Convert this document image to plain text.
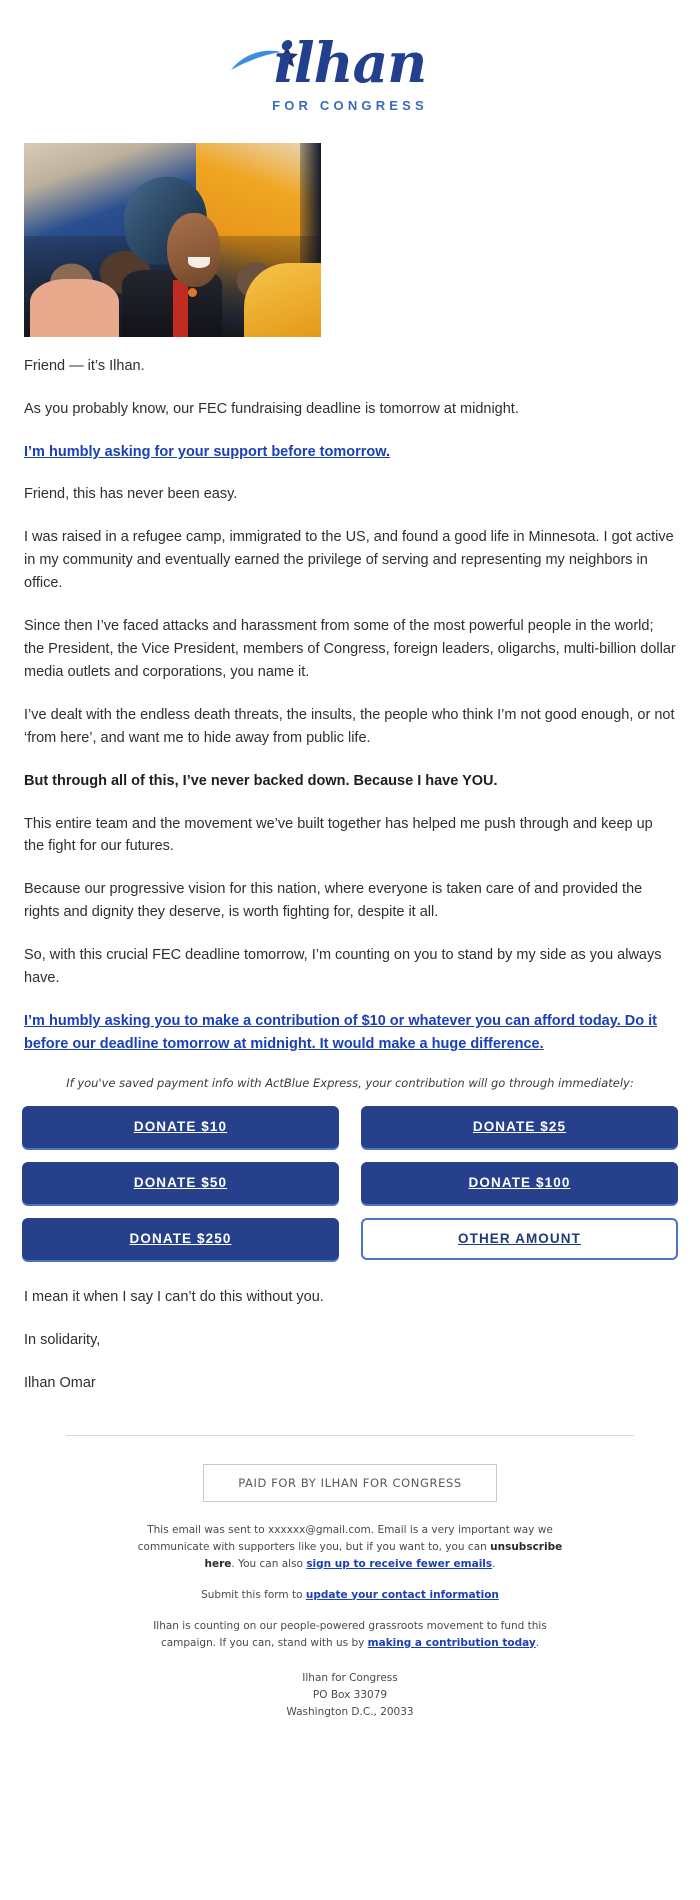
ilhan
FOR CONGRESS

Friend — it’s Ilhan.

As you probably know, our FEC fundraising deadline is tomorrow at midnight.

I’m humbly asking for your support before tomorrow.

Friend, this has never been easy.

I was raised in a refugee camp, immigrated to the US, and found a good life in Minnesota. I got active in my community and eventually earned the privilege of serving and representing my neighbors in office.

Since then I’ve faced attacks and harassment from some of the most powerful people in the world; the President, the Vice President, members of Congress, foreign leaders, oligarchs, multi-billion dollar media outlets and corporations, you name it.

I’ve dealt with the endless death threats, the insults, the people who think I’m not good enough, or not ‘from here’, and want me to hide away from public life.

But through all of this, I’ve never backed down. Because I have YOU.

This entire team and the movement we’ve built together has helped me push through and keep up the fight for our futures.

Because our progressive vision for this nation, where everyone is taken care of and provided the rights and dignity they deserve, is worth fighting for, despite it all.

So, with this crucial FEC deadline tomorrow, I’m counting on you to stand by my side as you always have.

I’m humbly asking you to make a contribution of $10 or whatever you can afford today. Do it before our deadline tomorrow at midnight. It would make a huge difference.
If you've saved payment info with ActBlue Express, your contribution will go through immediately:
DONATE $10	DONATE $25
DONATE $50	DONATE $100
DONATE $250	OTHER AMOUNT

I mean it when I say I can’t do this without you.

In solidarity,

Ilhan Omar

PAID FOR BY ILHAN FOR CONGRESS
This email was sent to xxxxxx@gmail.com. Email is a very important way we communicate with supporters like you, but if you want to, you can unsubscribe here. You can also sign up to receive fewer emails.
Submit this form to update your contact information
Ilhan is counting on our people-powered grassroots movement to fund this campaign. If you can, stand with us by making a contribution today.
Ilhan for Congress
PO Box 33079
Washington D.C., 20033
